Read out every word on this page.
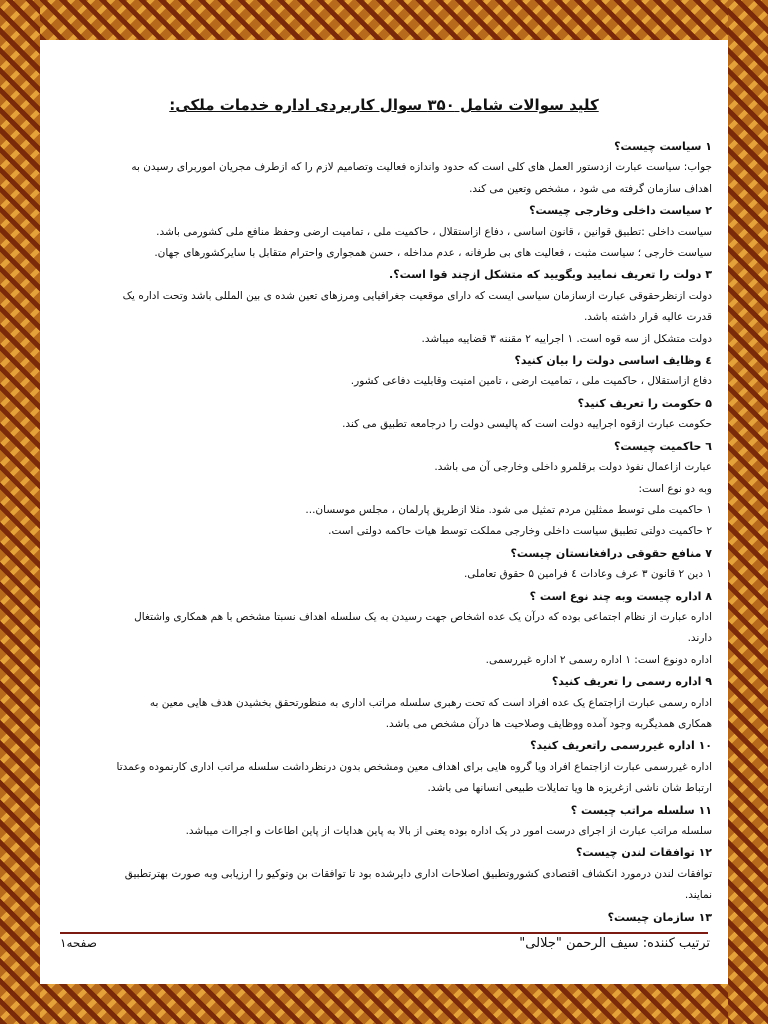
کلید سوالات شامل ۳۵۰ سوال کاربردی اداره خدمات ملکی:

۱ سیاست چیست؟

جواب: سیاست عبارت ازدستور العمل های کلی است که حدود واندازه فعالیت وتصامیم لازم را که ازطرف مجریان اموربرای رسیدن به

اهداف سازمان گرفته می شود ، مشخص وتعین می کند.

۲ سیاست داخلی وخارجی چیست؟

سیاست داخلی :تطبیق قوانین ، قانون اساسی ، دفاع ازاستقلال ، حاکمیت ملی ، تمامیت ارضی وحفظ منافع ملی کشورمی باشد.

سیاست خارجی ؛ سیاست مثبت ، فعالیت های بی طرفانه ، عدم مداخله ، حسن همجواری واحترام متقابل با سایرکشورهای جهان.

۳ دولت را تعریف نمایید وبگویید که متشکل ازچند قوا است؟.

دولت ازنظرحقوقی عبارت ازسازمان سیاسی ایست که دارای موقعیت جغرافیایی ومرزهای تعین شده ی بین المللی باشد وتحت اداره یک

قدرت عالیه قرار داشته باشد.

دولت متشکل از سه قوه است. ۱ اجراییه ۲ مقننه ۳ قضاییه میباشد.

٤ وظایف اساسی دولت را بیان کنید؟

دفاع ازاستقلال ، حاکمیت ملی ، تمامیت ارضی ، تامین امنیت وقابلیت دفاعی کشور.

۵ حکومت را تعریف کنید؟

حکومت عبارت ازقوه اجراییه دولت است که پالیسی دولت را درجامعه تطبیق می کند.

٦ حاکمیت چیست؟

عبارت ازاعمال نفوذ دولت برقلمرو داخلی وخارجی آن می باشد.

وبه دو نوع است:

۱ حاکمیت ملی توسط ممثلین مردم تمثیل می شود. مثلا ازطریق پارلمان ، مجلس موسسان...

۲ حاکمیت دولتی تطبیق سیاست داخلی وخارجی مملکت توسط هیات حاکمه دولتی است.

۷ منافع حقوقی درافغانستان چیست؟

۱ دین ۲ قانون ۳ عرف وعادات ٤ فرامین ۵ حقوق تعاملی.

۸ اداره چیست وبه چند نوع است ؟

اداره عبارت از نظام اجتماعی بوده که درآن یک عده اشخاص جهت رسیدن به یک سلسله اهداف نسبتا مشخص با هم همکاری واشتغال

دارند.

اداره دونوع است: ۱ اداره رسمی ۲ اداره غیررسمی.

۹ اداره رسمی را تعریف کنید؟

اداره رسمی عبارت ازاجتماع یک عده افراد است که تحت رهبری سلسله مراتب اداری به منظورتحقق بخشیدن هدف هایی معین به

همکاری همدیگربه وجود آمده ووظایف وصلاحیت ها درآن مشخص می باشد.

۱۰ اداره غیررسمی راتعریف کنید؟

اداره غیررسمی عبارت ازاجتماع افراد ویا گروه هایی برای اهداف معین ومشخص بدون درنظرداشت سلسله مراتب اداری کارنموده وعمدتا

ارتباط شان ناشی ازغریزه ها ویا تمایلات طبیعی انسانها می باشد.

۱۱ سلسله مراتب چیست ؟

سلسله مراتب عبارت از اجرای درست امور در یک اداره بوده یعنی از بالا به پاین هدایات از پاین اطاعات و اجراات میباشد.

۱۲ توافقات لندن چیست؟

توافقات لندن درمورد انکشاف اقتصادی کشوروتطبیق اصلاحات اداری دایرشده بود تا توافقات بن وتوکیو را ارزیابی وبه صورت بهترتطبیق

نمایند.

۱۳ سازمان چیست؟

ترتیب کننده: سیف الرحمن "جلالی"
صفحه۱
